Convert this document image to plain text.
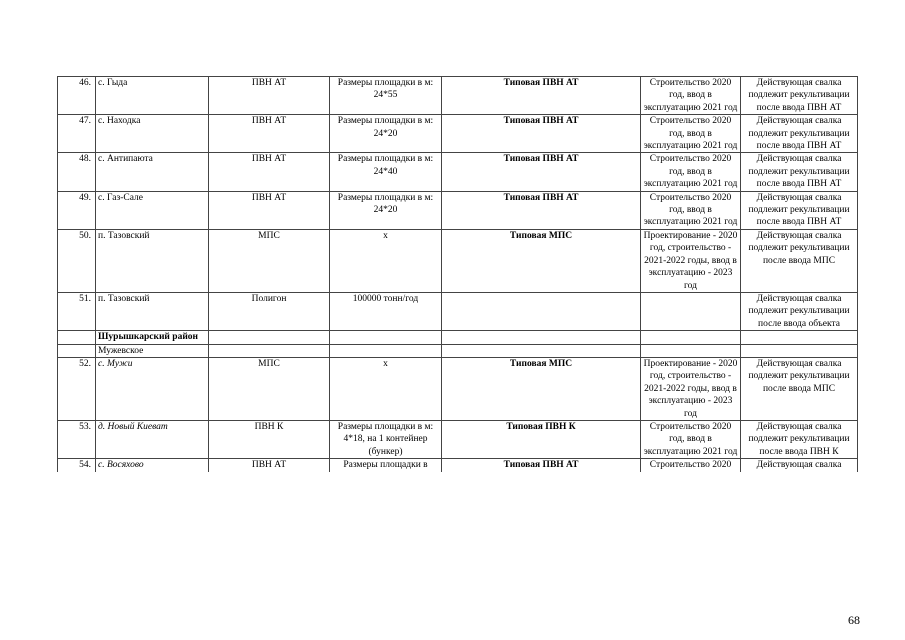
46.	с. Гыда	ПВН АТ	Размеры площадки в м: 24*55	Типовая ПВН АТ	Строительство 2020 год, ввод в эксплуатацию 2021 год	Действующая свалка подлежит рекультивации после ввода ПВН АТ
47.	с. Находка	ПВН АТ	Размеры площадки в м: 24*20	Типовая ПВН АТ	Строительство 2020 год, ввод в эксплуатацию 2021 год	Действующая свалка подлежит рекультивации после ввода ПВН АТ
48.	с. Антипаюта	ПВН АТ	Размеры площадки в м: 24*40	Типовая ПВН АТ	Строительство 2020 год, ввод в эксплуатацию 2021 год	Действующая свалка подлежит рекультивации после ввода ПВН АТ
49.	с. Газ-Сале	ПВН АТ	Размеры площадки в м: 24*20	Типовая ПВН АТ	Строительство 2020 год, ввод в эксплуатацию 2021 год	Действующая свалка подлежит рекультивации после ввода ПВН АТ
50.	п. Тазовский	МПС	х	Типовая МПС	Проектирование - 2020 год, строительство - 2021-2022 годы, ввод в эксплуатацию - 2023 год	Действующая свалка подлежит рекультивации после ввода МПС
51.	п. Тазовский	Полигон	100000 тонн/год			Действующая свалка подлежит рекультивации после ввода объекта
	Шурышкарский район					
	Мужевское					
52.	с. Мужи	МПС	х	Типовая МПС	Проектирование - 2020 год, строительство - 2021-2022 годы, ввод в эксплуатацию - 2023 год	Действующая свалка подлежит рекультивации после ввода МПС
53.	д. Новый Киеват	ПВН К	Размеры площадки в м: 4*18, на 1 контейнер (бункер)	Типовая ПВН К	Строительство 2020 год, ввод в эксплуатацию 2021 год	Действующая свалка подлежит рекультивации после ввода ПВН К
54.	с. Восяхово	ПВН АТ	Размеры площадки в	Типовая ПВН АТ	Строительство 2020	Действующая свалка
68
